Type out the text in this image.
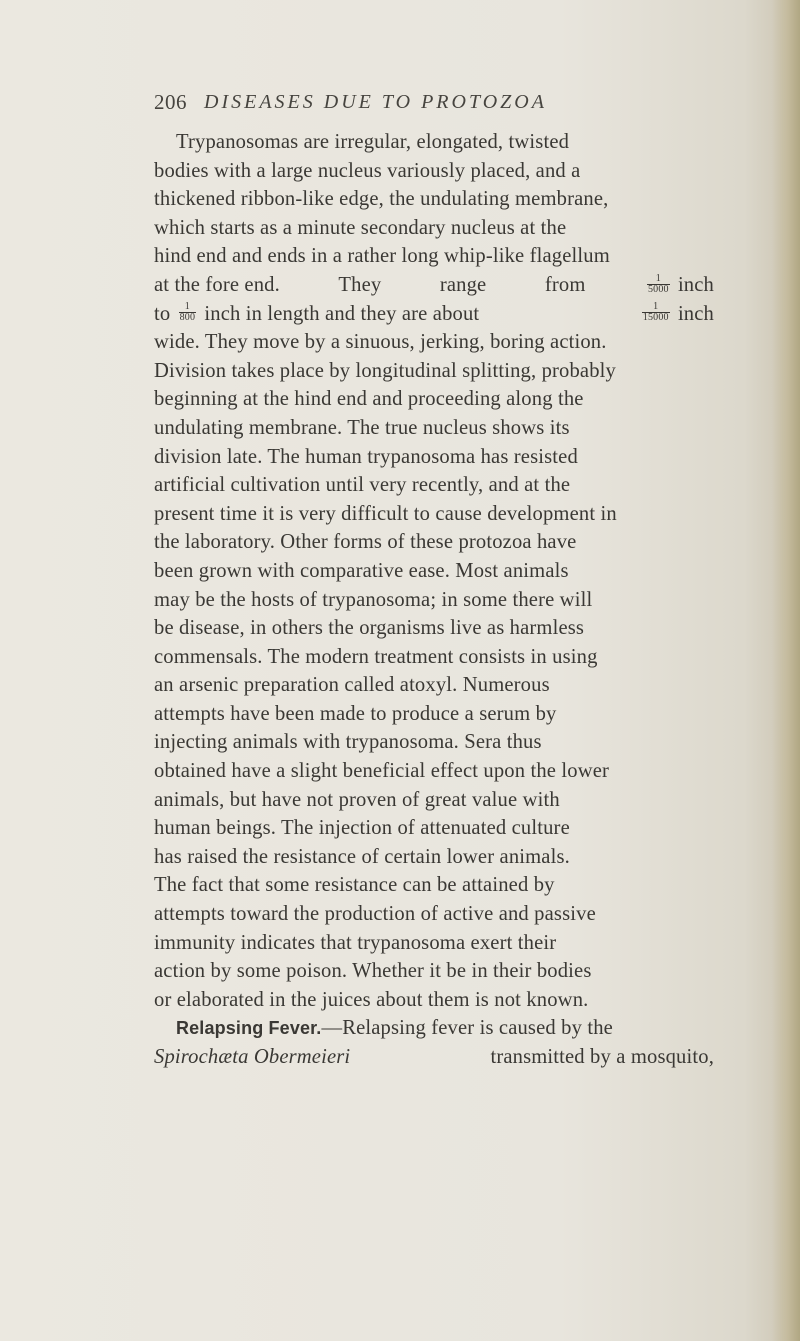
206 DISEASES DUE TO PROTOZOA
Trypanosomas are irregular, elongated, twisted
bodies with a large nucleus variously placed, and a
thickened ribbon-like edge, the undulating membrane,
which starts as a minute secondary nucleus at the
hind end and ends in a rather long whip-like flagellum
at the fore end.	They	range	from	$\frac{1}{5000}$ inch
to $\frac{1}{800}$ inch in length and they are about	$\frac{1}{15000}$ inch
wide. They move by a sinuous, jerking, boring action.
Division takes place by longitudinal splitting, probably
beginning at the hind end and proceeding along the
undulating membrane. The true nucleus shows its
division late. The human trypanosoma has resisted
artificial cultivation until very recently, and at the
present time it is very difficult to cause development in
the laboratory. Other forms of these protozoa have
been grown with comparative ease. Most animals
may be the hosts of trypanosoma; in some there will
be disease, in others the organisms live as harmless
commensals. The modern treatment consists in using
an arsenic preparation called atoxyl. Numerous
attempts have been made to produce a serum by
injecting animals with trypanosoma. Sera thus
obtained have a slight beneficial effect upon the lower
animals, but have not proven of great value with
human beings. The injection of attenuated culture
has raised the resistance of certain lower animals.
The fact that some resistance can be attained by
attempts toward the production of active and passive
immunity indicates that trypanosoma exert their
action by some poison. Whether it be in their bodies
or elaborated in the juices about them is not known.
Relapsing Fever.—Relapsing fever is caused by the
Spirochæta Obermeieri	transmitted by a mosquito,
